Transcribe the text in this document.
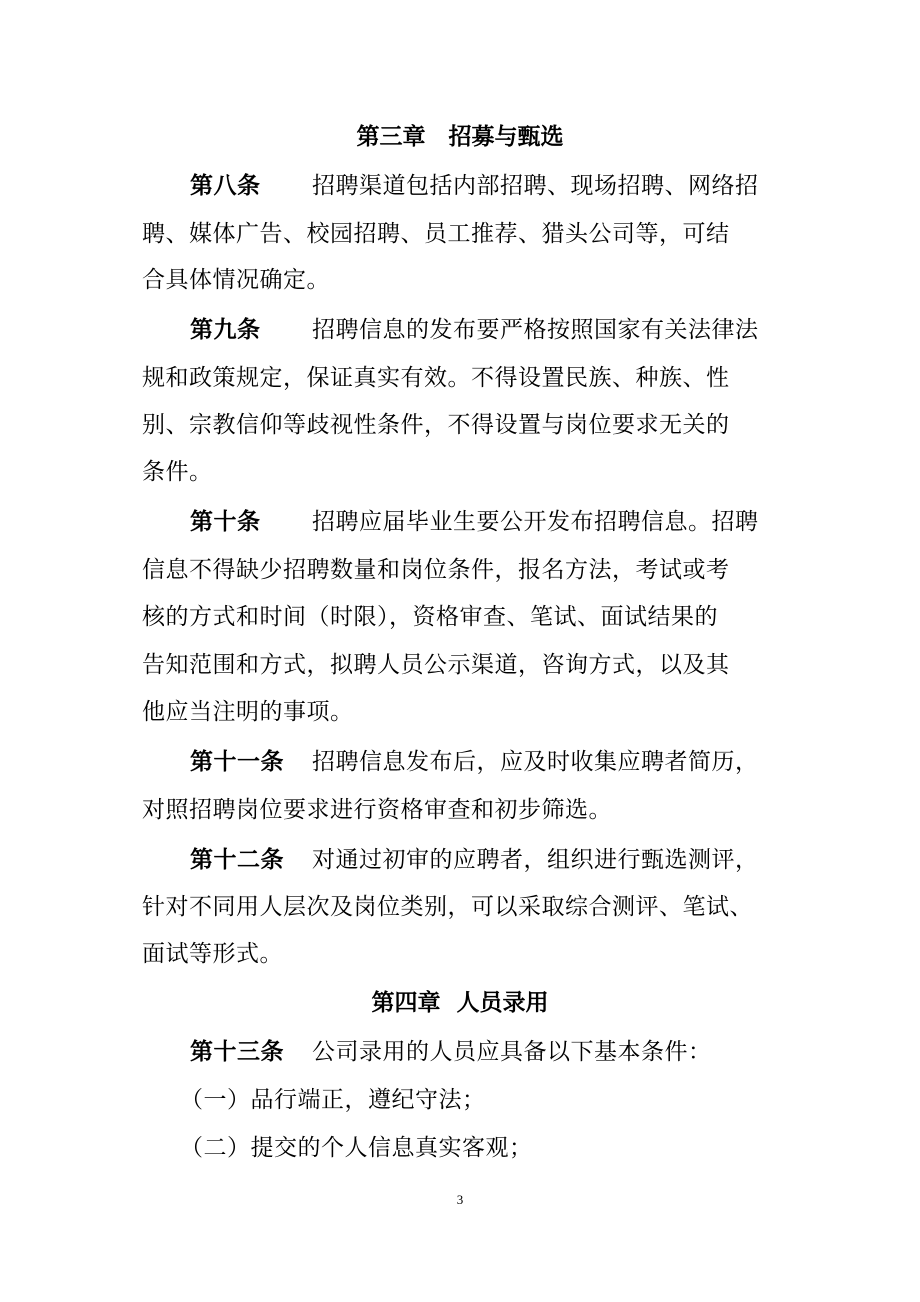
第三章　招募与甄选
第八条 招聘渠道包括内部招聘、现场招聘、网络招
聘、媒体广告、校园招聘、员工推荐、猎头公司等，可结
合具体情况确定。
第九条 招聘信息的发布要严格按照国家有关法律法
规和政策规定，保证真实有效。不得设置民族、种族、性
别、宗教信仰等歧视性条件，不得设置与岗位要求无关的
条件。
第十条 招聘应届毕业生要公开发布招聘信息。招聘
信息不得缺少招聘数量和岗位条件，报名方法，考试或考
核的方式和时间（时限），资格审查、笔试、面试结果的
告知范围和方式，拟聘人员公示渠道，咨询方式，以及其
他应当注明的事项。
第十一条 招聘信息发布后，应及时收集应聘者简历，
对照招聘岗位要求进行资格审查和初步筛选。
第十二条 对通过初审的应聘者，组织进行甄选测评，
针对不同用人层次及岗位类别，可以采取综合测评、笔试、
面试等形式。
第四章  人员录用
第十三条 公司录用的人员应具备以下基本条件：
（一）品行端正，遵纪守法；
（二）提交的个人信息真实客观；
3
